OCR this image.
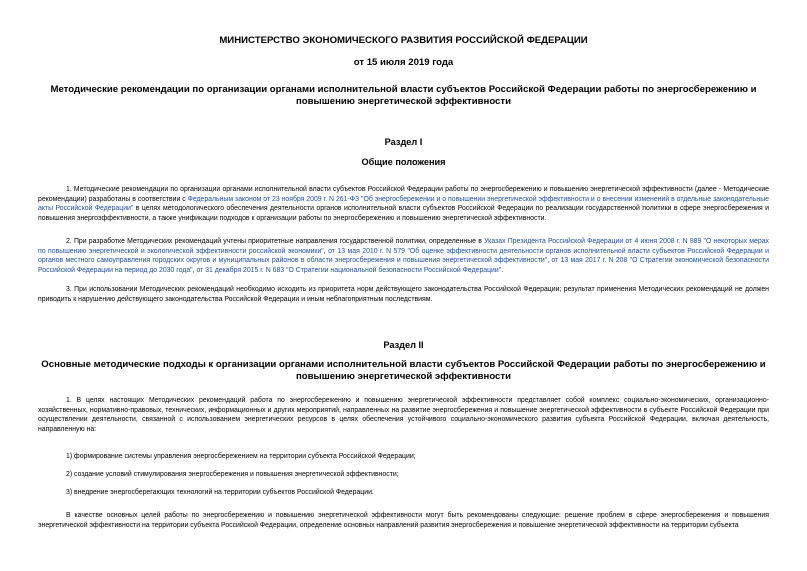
МИНИСТЕРСТВО ЭКОНОМИЧЕСКОГО РАЗВИТИЯ РОССИЙСКОЙ ФЕДЕРАЦИИ
от 15 июля 2019 года
Методические рекомендации по организации органами исполнительной власти субъектов Российской Федерации работы по энергосбережению и повышению энергетической эффективности
Раздел I
Общие положения
1. Методические рекомендации по организации органами исполнительной власти субъектов Российской Федерации работы по энергосбережению и повышению энергетической эффективности (далее - Методические рекомендации) разработаны в соответствии с Федеральным законом от 23 ноября 2009 г. N 261-ФЗ "Об энергосбережении и о повышении энергетической эффективности и о внесении изменений в отдельные законодательные акты Российской Федерации" в целях методологического обеспечения деятельности органов исполнительной власти субъектов Российской Федерации по реализации государственной политики в сфере энергосбережения и повышения энергоэффективности, а также унификации подходов к организации работы по энергосбережению и повышению энергетической эффективности.
2. При разработке Методических рекомендаций учтены приоритетные направления государственной политики, определенные в Указах Президента Российской Федерации от 4 июня 2008 г. N 889 "О некоторых мерах по повышению энергетической и экологической эффективности российской экономики", от 13 мая 2010 г. N 579 "Об оценке эффективности деятельности органов исполнительной власти субъектов Российской Федерации и органов местного самоуправления городских округов и муниципальных районов в области энергосбережения и повышения энергетической эффективности", от 13 мая 2017 г. N 208 "О Стратегии экономической безопасности Российской Федерации на период до 2030 года", от 31 декабря 2015 г. N 683 "О Стратегии национальной безопасности Российской Федерации".
3. При использовании Методических рекомендаций необходимо исходить из приоритета норм действующего законодательства Российской Федерации; результат применения Методических рекомендаций не должен приводить к нарушению действующего законодательства Российской Федерации и иным неблагоприятным последствиям.
Раздел II
Основные методические подходы к организации органами исполнительной власти субъектов Российской Федерации работы по энергосбережению и повышению энергетической эффективности
1. В целях настоящих Методических рекомендаций работа по энергосбережению и повышению энергетической эффективности представляет собой комплекс социально-экономических, организационно-хозяйственных, нормативно-правовых, технических, информационных и других мероприятий, направленных на развитие энергосбережения и повышение энергетической эффективности в субъекте Российской Федерации при осуществлении деятельности, связанной с использованием энергетических ресурсов в целях обеспечения устойчивого социально-экономического развития субъекта Российской Федерации, включая деятельность, направленную на:
1) формирование системы управления энергосбережением на территории субъекта Российской Федерации;
2) создание условий стимулирования энергосбережения и повышения энергетической эффективности;
3) внедрение энергосберегающих технологий на территории субъектов Российской Федерации.
В качестве основных целей работы по энергосбережению и повышению энергетической эффективности могут быть рекомендованы следующие: решение проблем в сфере энергосбережения и повышения энергетической эффективности на территории субъекта Российской Федерации, определение основных направлений развития энергосбережения и повышение энергетической эффективности на территории субъекта
